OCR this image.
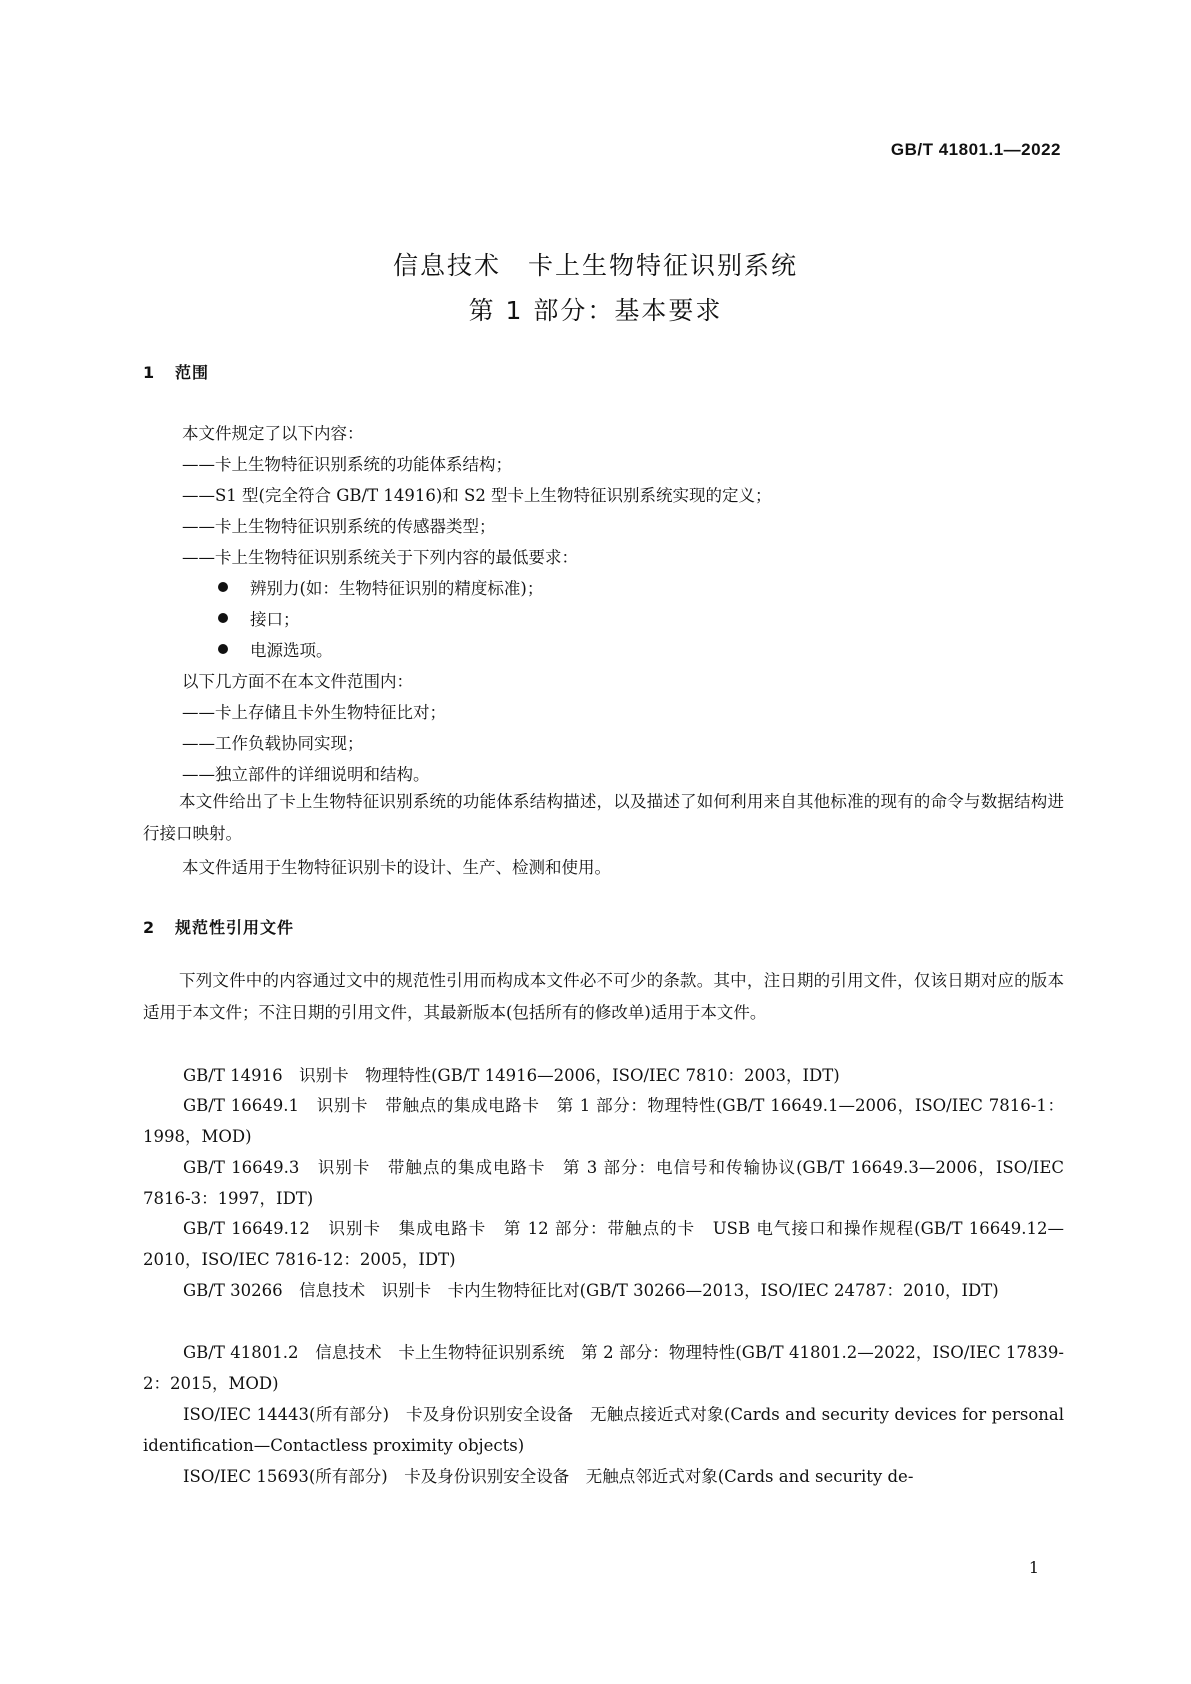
GB/T 41801.1—2022
信息技术　卡上生物特征识别系统
第 1 部分：基本要求
1 范围
本文件规定了以下内容：
——卡上生物特征识别系统的功能体系结构；
——S1 型(完全符合 GB/T 14916)和 S2 型卡上生物特征识别系统实现的定义；
——卡上生物特征识别系统的传感器类型；
——卡上生物特征识别系统关于下列内容的最低要求：
辨别力(如：生物特征识别的精度标准)；
接口；
电源选项。
以下几方面不在本文件范围内：
——卡上存储且卡外生物特征比对；
——工作负载协同实现；
——独立部件的详细说明和结构。
本文件给出了卡上生物特征识别系统的功能体系结构描述，以及描述了如何利用来自其他标准的现有的命令与数据结构进行接口映射。
本文件适用于生物特征识别卡的设计、生产、检测和使用。
2 规范性引用文件
下列文件中的内容通过文中的规范性引用而构成本文件必不可少的条款。其中，注日期的引用文件，仅该日期对应的版本适用于本文件；不注日期的引用文件，其最新版本(包括所有的修改单)适用于本文件。
GB/T 14916　识别卡　物理特性(GB/T 14916—2006，ISO/IEC 7810：2003，IDT)
GB/T 16649.1　识别卡　带触点的集成电路卡　第 1 部分：物理特性(GB/T 16649.1—2006，ISO/IEC 7816-1：1998，MOD)
GB/T 16649.3　识别卡　带触点的集成电路卡　第 3 部分：电信号和传输协议(GB/T 16649.3—2006，ISO/IEC 7816-3：1997，IDT)
GB/T 16649.12　识别卡　集成电路卡　第 12 部分：带触点的卡　USB 电气接口和操作规程(GB/T 16649.12—2010，ISO/IEC 7816-12：2005，IDT)
GB/T 30266　信息技术　识别卡　卡内生物特征比对(GB/T 30266—2013，ISO/IEC 24787：2010，IDT)
GB/T 41801.2　信息技术　卡上生物特征识别系统　第 2 部分：物理特性(GB/T 41801.2—2022，ISO/IEC 17839-2：2015，MOD)
ISO/IEC 14443(所有部分)　卡及身份识别安全设备　无触点接近式对象(Cards and security devices for personal identification—Contactless proximity objects)
ISO/IEC 15693(所有部分)　卡及身份识别安全设备　无触点邻近式对象(Cards and security de-
1
